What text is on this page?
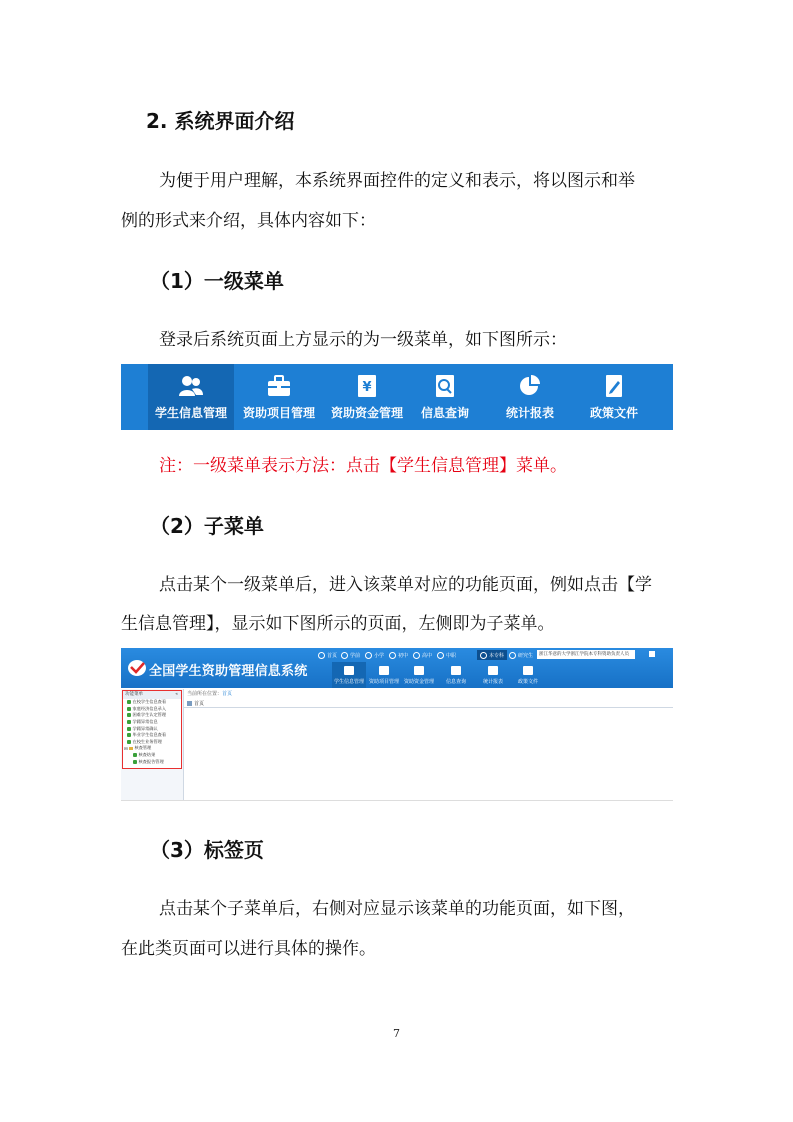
2. 系统界面介绍
为便于用户理解，本系统界面控件的定义和表示，将以图示和举
例的形式来介绍，具体内容如下：
（1）一级菜单
登录后系统页面上方显示的为一级菜单，如下图所示：
学生信息管理 资助项目管理
¥
资助资金管理 信息查询	统计报表	政策文件
注：一级菜单表示方法：点击【学生信息管理】菜单。
（2）子菜单
点击某个一级菜单后，进入该菜单对应的功能页面，例如点击【学
生信息管理】，显示如下图所示的页面，左侧即为子菜单。
全国学生资助管理信息系统
首页	学前	小学	初中	高中	中职	本专科	研究生	浙江华意的大学浙江学院本专科资助负责人员
学生信息管理 资助项目管理 资助资金管理 信息查询	统计报表	政策文件
当前所在位置：首页
首页
功能菜单	«
在校学生信息查看
家庭经济信息录入
困难学生认定管理
学籍异常信息
学籍异常确认
毕业学生信息查看
在校生业务管理
⊟ 核查管理
核查结果
核查报告管理
（3）标签页
点击某个子菜单后，右侧对应显示该菜单的功能页面，如下图，
在此类页面可以进行具体的操作。
7
